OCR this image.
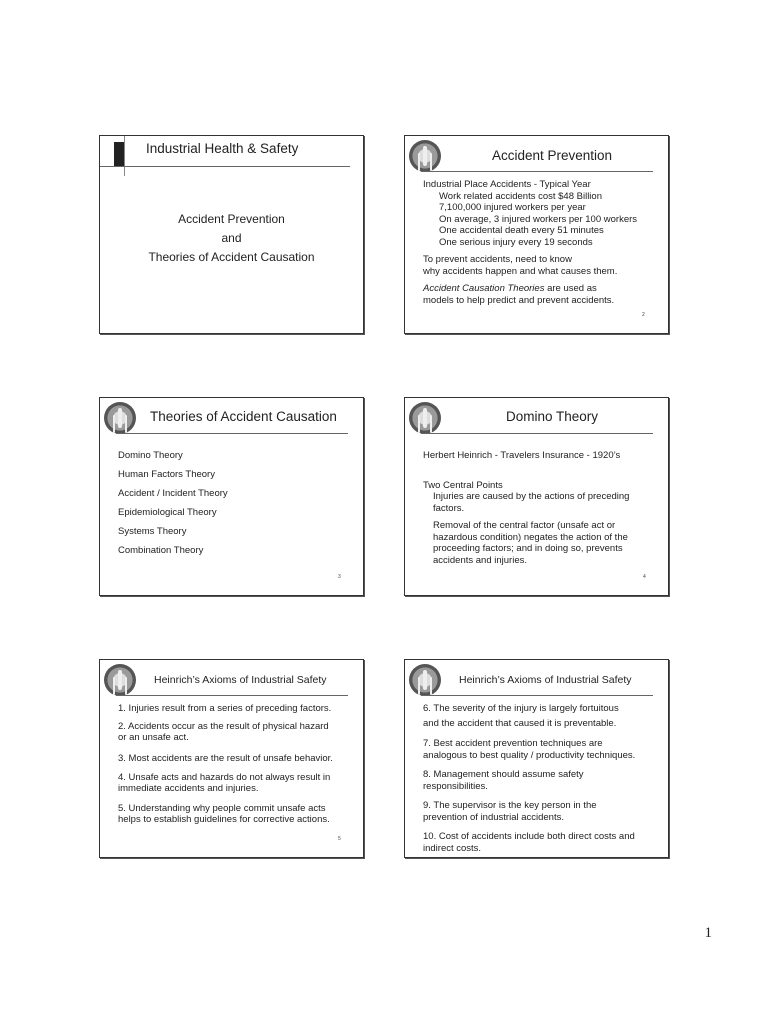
Industrial Health & Safety
Accident Prevention
and
Theories of Accident Causation
Accident Prevention
Industrial Place Accidents - Typical Year
Work related accidents cost $48 Billion
7,100,000 injured workers per year
On average, 3 injured workers per 100 workers
One accidental death every 51 minutes
One serious injury every 19 seconds
To prevent accidents, need to know
why accidents happen and what causes them.
Accident Causation Theories are used as
models to help predict and prevent accidents.
2
Theories of Accident Causation
Domino Theory
Human Factors Theory
Accident / Incident Theory
Epidemiological Theory
Systems Theory
Combination Theory
3
Domino Theory
Herbert Heinrich - Travelers Insurance - 1920’s
Two Central Points
Injuries are caused by the actions of preceding
factors.
Removal of the central factor (unsafe act or
hazardous condition) negates the action of the
proceeding factors; and in doing so, prevents
accidents and injuries.
4
Heinrich’s Axioms of Industrial Safety
1. Injuries result from a series of preceding factors.
2. Accidents occur as the result of physical hazard
or an unsafe act.
3. Most accidents are the result of unsafe behavior.
4. Unsafe acts and hazards do not always result in
immediate accidents and injuries.
5. Understanding why people commit unsafe acts
helps to establish guidelines for corrective actions.
5
Heinrich’s Axioms of Industrial Safety
6. The severity of the injury is largely fortuitous
and the accident that caused it is preventable.
7. Best accident prevention techniques are
analogous to best quality / productivity techniques.
8. Management should assume safety
responsibilities.
9. The supervisor is the key person in the
prevention of industrial accidents.
10. Cost of accidents include both direct costs and
indirect costs.
1
